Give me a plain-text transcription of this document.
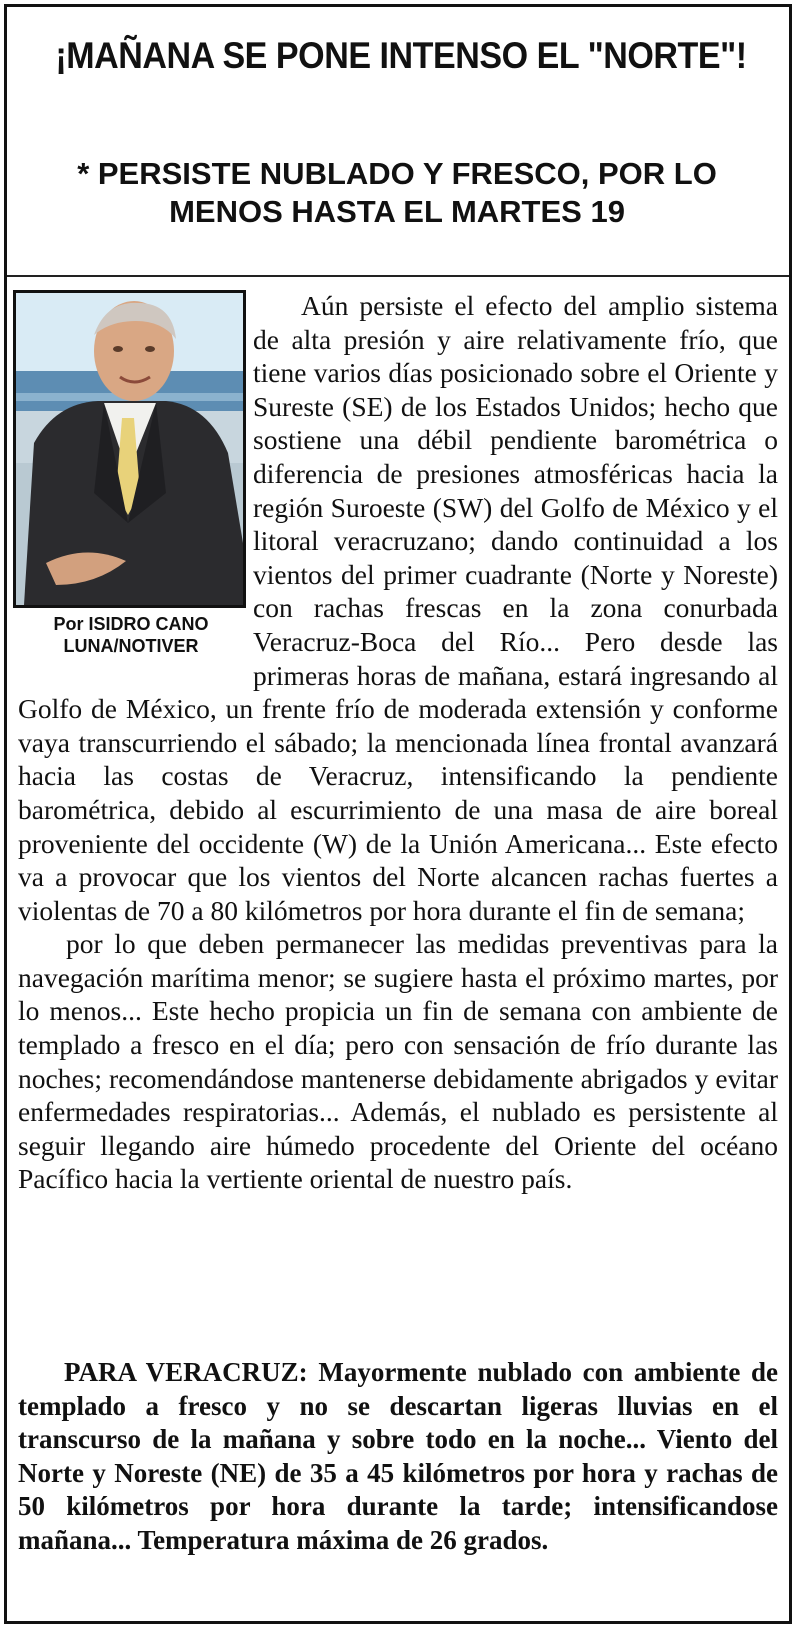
¡MAÑANA SE PONE INTENSO EL "NORTE"!
* PERSISTE NUBLADO Y FRESCO, POR LO MENOS HASTA EL MARTES 19
Por ISIDRO CANO
LUNA/NOTIVER

Aún persiste el efecto del amplio sistema de alta presión y aire relativamente frío, que tiene varios días posicionado sobre el Oriente y Sureste (SE) de los Estados Unidos; hecho que sostiene una débil pendiente barométrica o diferencia de presiones atmosféricas hacia la región Suroeste (SW) del Golfo de México y el litoral veracruzano; dando continuidad a los vientos del primer cuadrante (Norte y Noreste) con rachas frescas en la zona conurbada Veracruz-Boca del Río... Pero desde las primeras horas de mañana, estará ingresando al Golfo de México, un frente frío de moderada extensión y conforme vaya transcurriendo el sábado; la mencionada línea frontal avanzará hacia las costas de Veracruz, intensificando la pendiente barométrica, debido al escurrimiento de una masa de aire boreal proveniente del occidente (W) de la Unión Americana... Este efecto va a provocar que los vientos del Norte alcancen rachas fuertes a violentas de 70 a 80 kilómetros por hora durante el fin de semana;

por lo que deben permanecer las medidas preventivas para la navegación marítima menor; se sugiere hasta el próximo martes, por lo menos... Este hecho propicia un fin de semana con ambiente de templado a fresco en el día; pero con sensación de frío durante las noches; recomendándose mantenerse debidamente abrigados y evitar enfermedades respiratorias... Además, el nublado es persistente al seguir llegando aire húmedo procedente del Oriente del océano Pacífico hacia la vertiente oriental de nuestro país.

PARA VERACRUZ: Mayormente nublado con ambiente de templado a fresco y no se descartan ligeras lluvias en el transcurso de la mañana y sobre todo en la noche... Viento del Norte y Noreste (NE) de 35 a 45 kilómetros por hora y rachas de 50 kilómetros por hora durante la tarde; intensificandose mañana... Temperatura máxima de 26 grados.
